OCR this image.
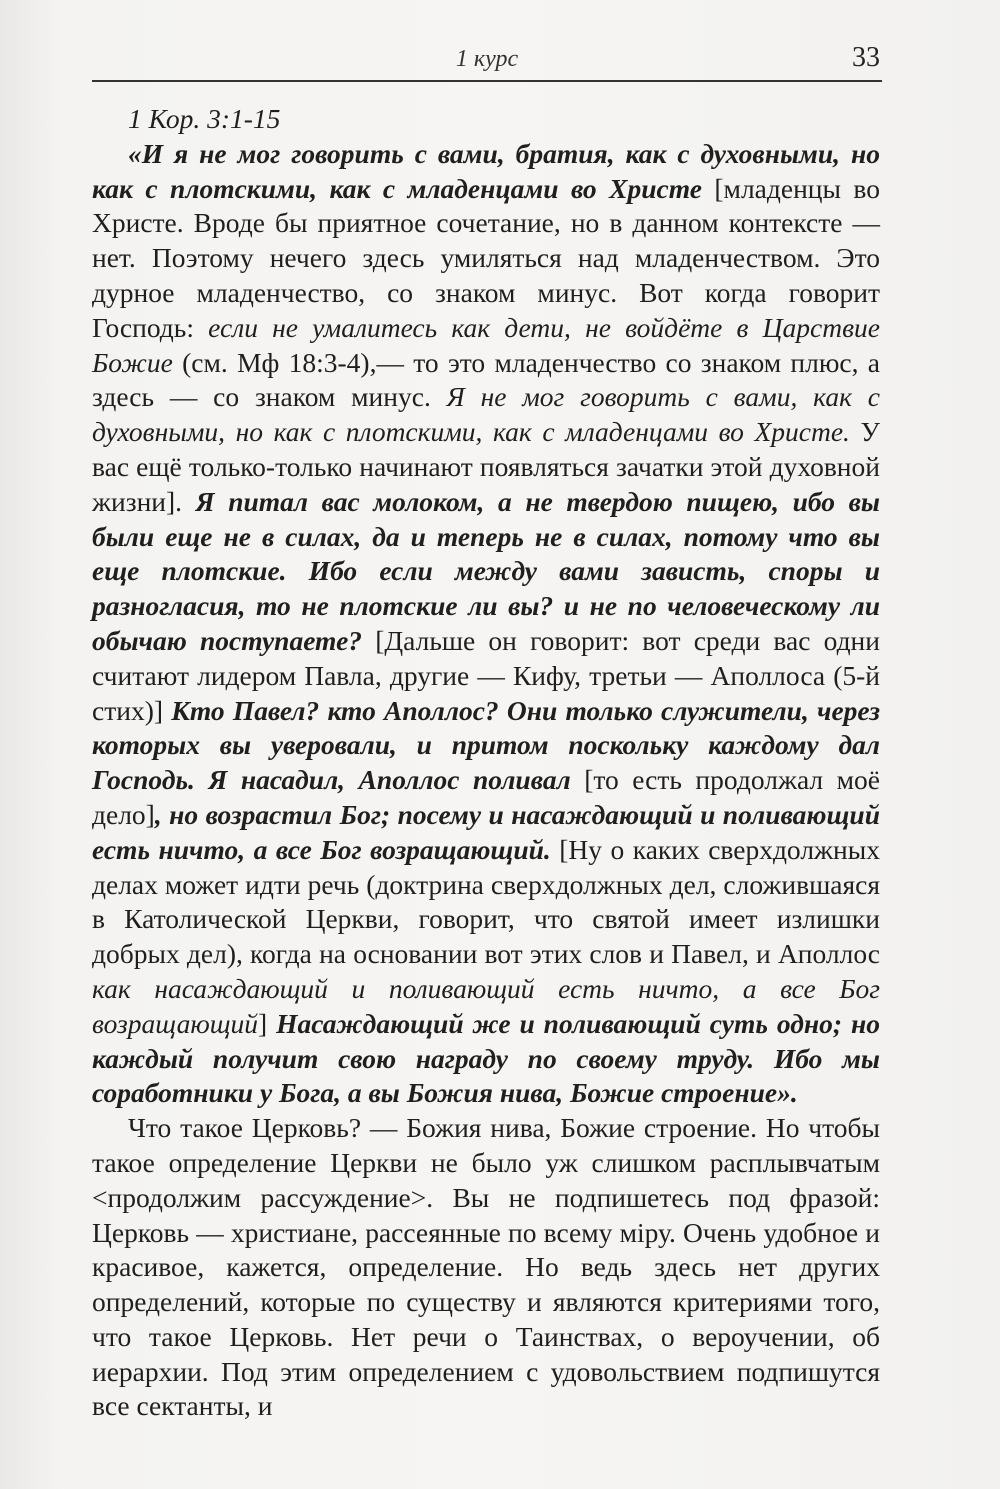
1 курс	33

1 Кор. 3:1-15

«И я не мог говорить с вами, братия, как с духовными, но как с плотскими, как с младенцами во Христе [младенцы во Христе. Вроде бы приятное сочетание, но в данном контексте — нет. Поэтому нечего здесь умиляться над младенчеством. Это дурное младенчество, со знаком минус. Вот когда говорит Господь: если не умалитесь как дети, не войдёте в Царствие Божие (см. Мф 18:3-4),— то это младенчество со знаком плюс, а здесь — со знаком минус. Я не мог говорить с вами, как с духовными, но как с плотскими, как с младенцами во Христе. У вас ещё только-только начинают появляться зачатки этой духовной жизни]. Я питал вас молоком, а не твердою пищею, ибо вы были еще не в силах, да и теперь не в силах, потому что вы еще плотские. Ибо если между вами зависть, споры и разногласия, то не плотские ли вы? и не по человеческому ли обычаю поступаете? [Дальше он говорит: вот среди вас одни считают лидером Павла, другие — Кифу, третьи — Аполлоса (5-й стих)] Кто Павел? кто Аполлос? Они только служители, через которых вы уверовали, и притом поскольку каждому дал Господь. Я насадил, Аполлос поливал [то есть продолжал моё дело], но возрастил Бог; посему и насаждающий и поливающий есть ничто, а все Бог возращающий. [Ну о каких сверхдолжных делах может идти речь (доктрина сверхдолжных дел, сложившаяся в Католической Церкви, говорит, что святой имеет излишки добрых дел), когда на основании вот этих слов и Павел, и Аполлос как насаждающий и поливающий есть ничто, а все Бог возращающий] Насаждающий же и поливающий суть одно; но каждый получит свою награду по своему труду. Ибо мы соработники у Бога, а вы Божия нива, Божие строение».

Что такое Церковь? — Божия нива, Божие строение. Но чтобы такое определение Церкви не было уж слишком расплывчатым <продолжим рассуждение>. Вы не подпишетесь под фразой: Церковь — христиане, рассеянные по всему мiру. Очень удобное и красивое, кажется, определение. Но ведь здесь нет других определений, которые по существу и являются критериями того, что такое Церковь. Нет речи о Таинствах, о вероучении, об иерархии. Под этим определением с удовольствием подпишутся все сектанты, и
